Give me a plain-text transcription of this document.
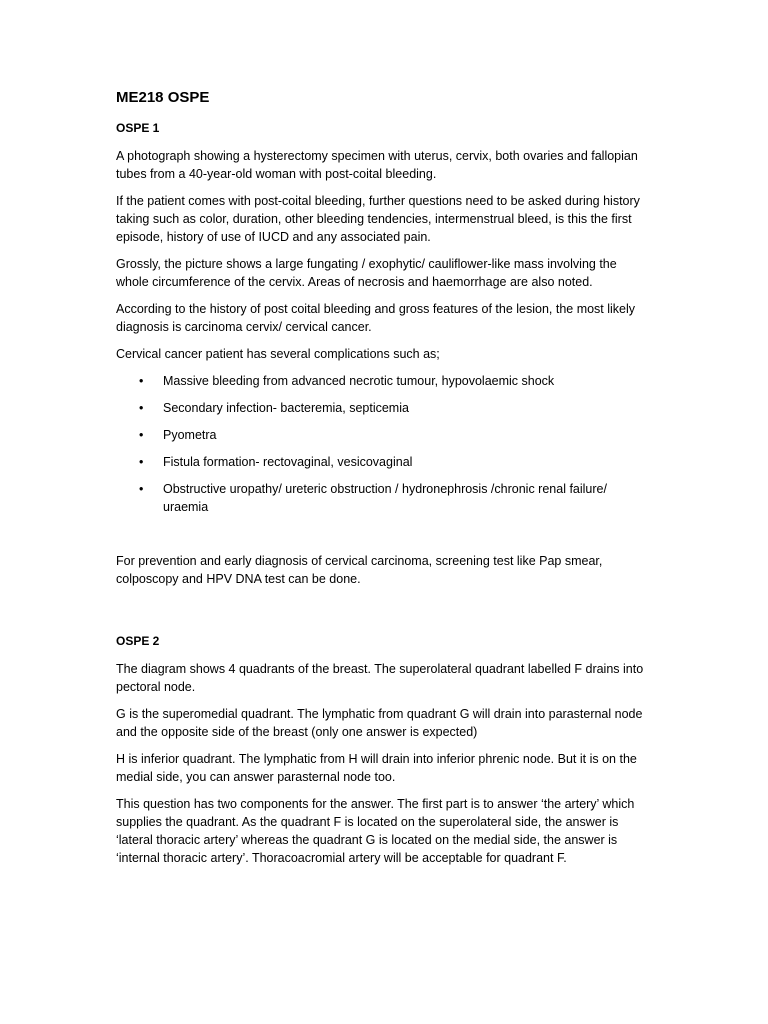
ME218 OSPE
OSPE 1

A photograph showing a hysterectomy specimen with uterus, cervix, both ovaries and fallopian tubes from a 40-year-old woman with post-coital bleeding.

If the patient comes with post-coital bleeding, further questions need to be asked during history taking such as color, duration, other bleeding tendencies, intermenstrual bleed, is this the first episode, history of use of IUCD and any associated pain.

Grossly, the picture shows a large fungating / exophytic/ cauliflower-like mass involving the whole circumference of the cervix. Areas of necrosis and haemorrhage are also noted.

According to the history of post coital bleeding and gross features of the lesion, the most likely diagnosis is carcinoma cervix/ cervical cancer.

Cervical cancer patient has several complications such as;

• Massive bleeding from advanced necrotic tumour, hypovolaemic shock
• Secondary infection- bacteremia, septicemia
• Pyometra
• Fistula formation- rectovaginal, vesicovaginal
• Obstructive uropathy/ ureteric obstruction / hydronephrosis /chronic renal failure/ uraemia

For prevention and early diagnosis of cervical carcinoma, screening test like Pap smear, colposcopy and HPV DNA test can be done.

OSPE 2

The diagram shows 4 quadrants of the breast. The superolateral quadrant labelled F drains into pectoral node.

G is the superomedial quadrant. The lymphatic from quadrant G will drain into parasternal node and the opposite side of the breast (only one answer is expected)

H is inferior quadrant. The lymphatic from H will drain into inferior phrenic node. But it is on the medial side, you can answer parasternal node too.

This question has two components for the answer. The first part is to answer ‘the artery’ which supplies the quadrant. As the quadrant F is located on the superolateral side, the answer is ‘lateral thoracic artery’ whereas the quadrant G is located on the medial side, the answer is ‘internal thoracic artery’. Thoracoacromial artery will be acceptable for quadrant F.
